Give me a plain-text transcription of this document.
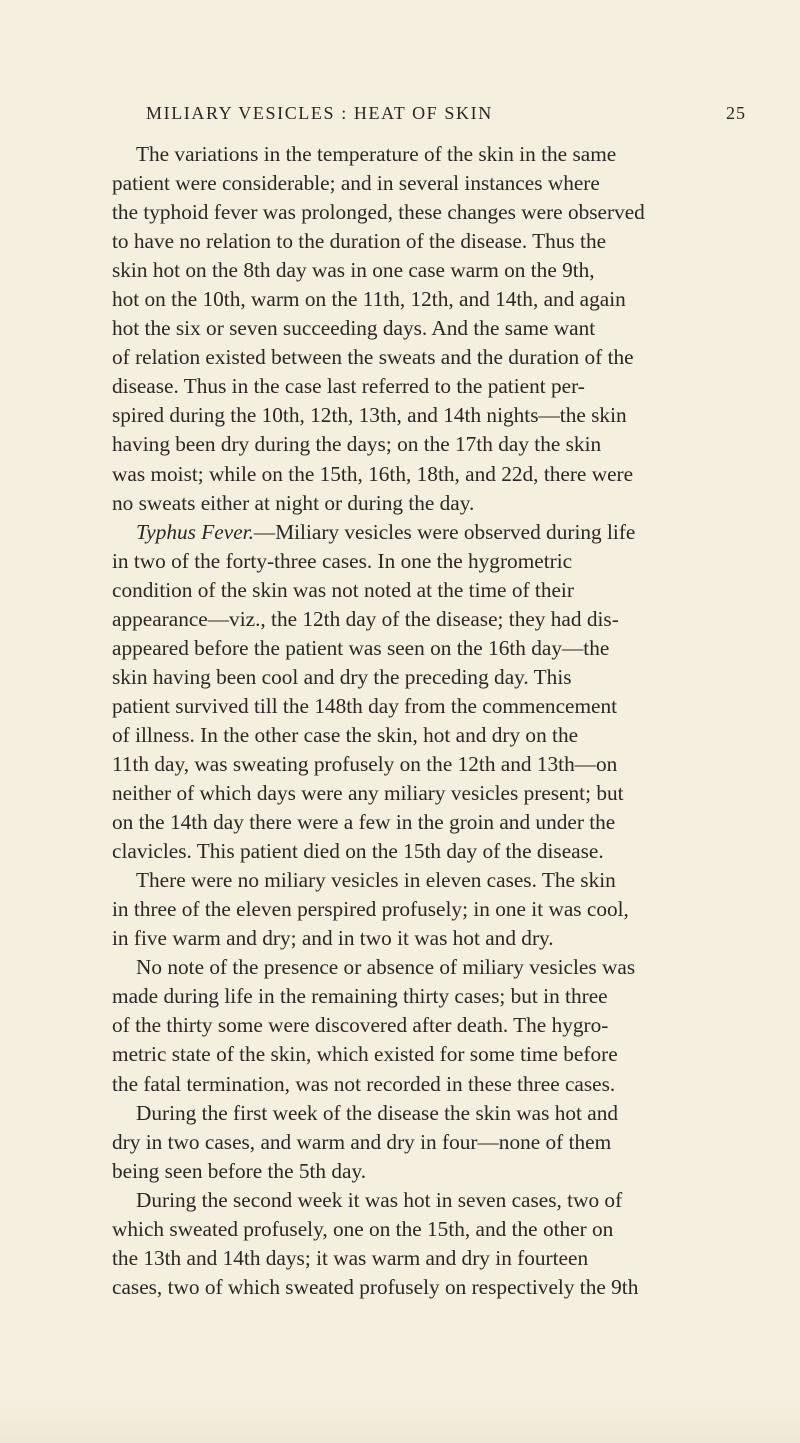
MILIARY VESICLES : HEAT OF SKIN	25
The variations in the temperature of the skin in the same
patient were considerable; and in several instances where
the typhoid fever was prolonged, these changes were observed
to have no relation to the duration of the disease. Thus the
skin hot on the 8th day was in one case warm on the 9th,
hot on the 10th, warm on the 11th, 12th, and 14th, and again
hot the six or seven succeeding days. And the same want
of relation existed between the sweats and the duration of the
disease. Thus in the case last referred to the patient per-
spired during the 10th, 12th, 13th, and 14th nights—the skin
having been dry during the days; on the 17th day the skin
was moist; while on the 15th, 16th, 18th, and 22d, there were
no sweats either at night or during the day.
Typhus Fever.—Miliary vesicles were observed during life
in two of the forty-three cases. In one the hygrometric
condition of the skin was not noted at the time of their
appearance—viz., the 12th day of the disease; they had dis-
appeared before the patient was seen on the 16th day—the
skin having been cool and dry the preceding day. This
patient survived till the 148th day from the commencement
of illness. In the other case the skin, hot and dry on the
11th day, was sweating profusely on the 12th and 13th—on
neither of which days were any miliary vesicles present; but
on the 14th day there were a few in the groin and under the
clavicles. This patient died on the 15th day of the disease.
There were no miliary vesicles in eleven cases. The skin
in three of the eleven perspired profusely; in one it was cool,
in five warm and dry; and in two it was hot and dry.
No note of the presence or absence of miliary vesicles was
made during life in the remaining thirty cases; but in three
of the thirty some were discovered after death. The hygro-
metric state of the skin, which existed for some time before
the fatal termination, was not recorded in these three cases.
During the first week of the disease the skin was hot and
dry in two cases, and warm and dry in four—none of them
being seen before the 5th day.
During the second week it was hot in seven cases, two of
which sweated profusely, one on the 15th, and the other on
the 13th and 14th days; it was warm and dry in fourteen
cases, two of which sweated profusely on respectively the 9th
